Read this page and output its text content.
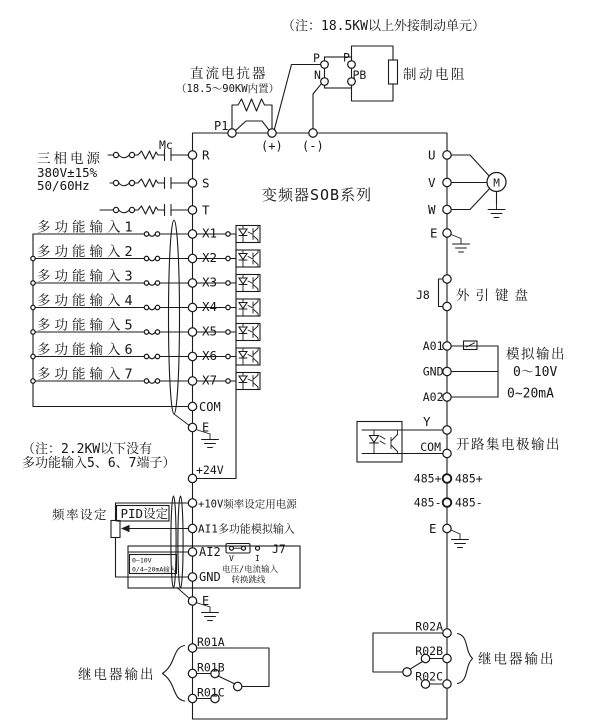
变频器SOB系列
（注：18.5KW以上外接制动单元）
直流电抗器
（18.5～90KW内置）
P1
(+) (-)
P
N
P
PB	制动电阻
三相电源
380V±15%
50/60Hz
Mc
R
S
T
多功能输入1
多功能输入2
多功能输入3
多功能输入4
多功能输入5
多功能输入6
多功能输入7
X1
X2
X3
X4
X5
X6
X7
COM
E
+24V
（注：2.2KW以下没有
多功能输入5、6、7端子）
+10V频率设定用电源
AI1多功能模拟输入
频率设定 PID设定
AI2
GND
0—10V
0/4—20mA输入
V	I
J7
电压/电流输入
转换跳线
E
继电器输出
R01A
R01B
R01C
U
V
W
M
E
J8 外引键盘
A01
GND
A02
模拟输出
0～10V
0~20mA
Y
COM 开路集电极输出
485+ 485+
485- 485-
E
继电器输出
R02A
R02B
R02C
